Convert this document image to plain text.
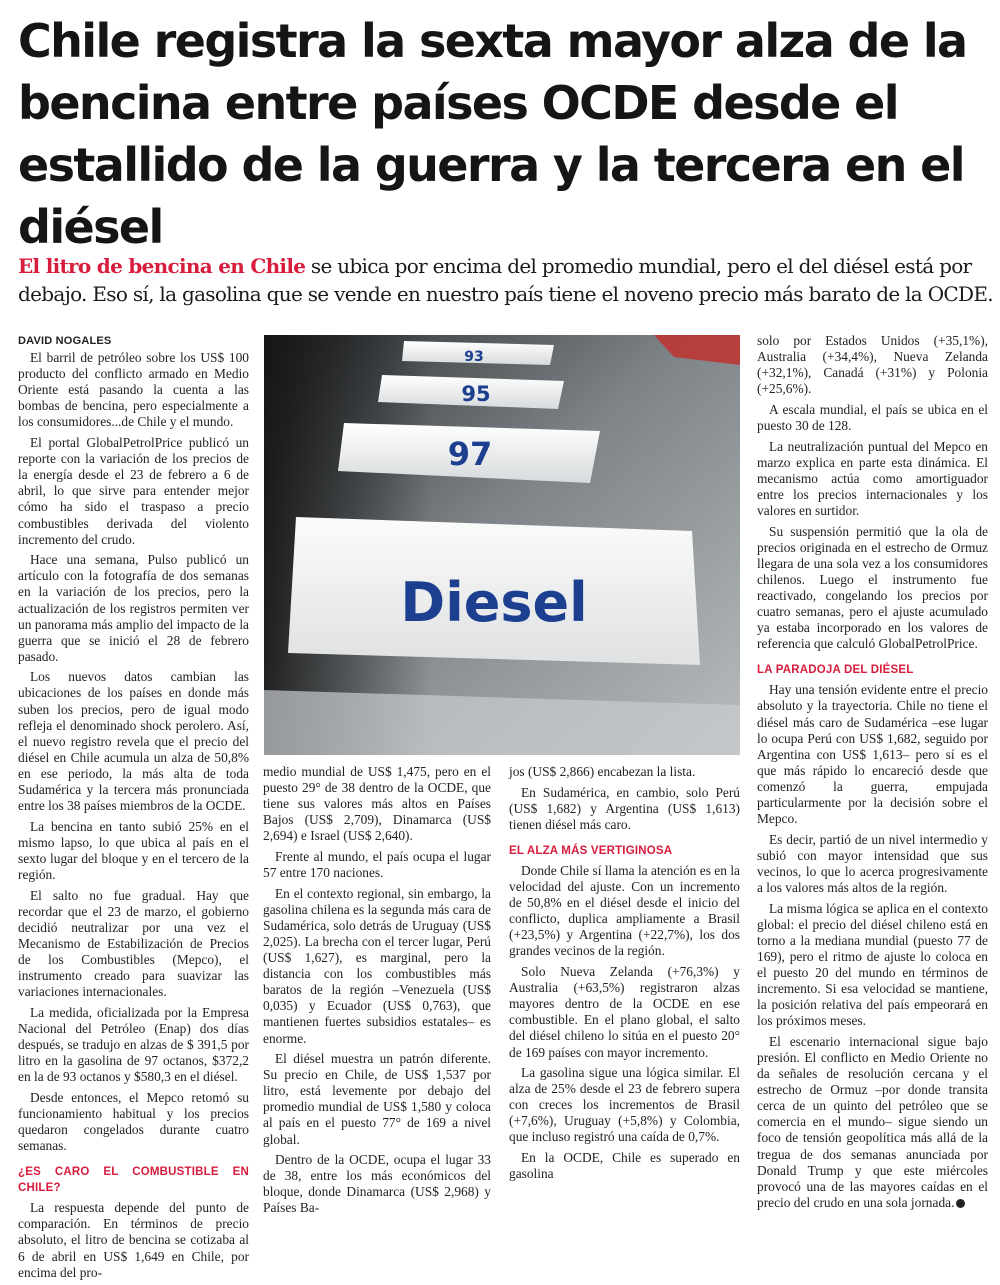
Chile registra la sexta mayor alza de la bencina entre países OCDE desde el estallido de la guerra y la tercera en el diésel

El litro de bencina en Chile se ubica por encima del promedio mundial, pero el del diésel está por debajo. Eso sí, la gasolina que se vende en nuestro país tiene el noveno precio más barato de la OCDE.

DAVID NOGALES

El barril de petróleo sobre los US$ 100 producto del conflicto armado en Medio Oriente está pasando la cuenta a las bombas de bencina, pero especialmente a los consumidores...de Chile y el mundo.

El portal GlobalPetrolPrice publicó un reporte con la variación de los precios de la energía desde el 23 de febrero a 6 de abril, lo que sirve para entender mejor cómo ha sido el traspaso a precio combustibles derivada del violento incremento del crudo.

Hace una semana, Pulso publicó un artículo con la fotografía de dos semanas en la variación de los precios, pero la actualización de los registros permiten ver un panorama más amplio del impacto de la guerra que se inició el 28 de febrero pasado.

Los nuevos datos cambian las ubicaciones de los países en donde más suben los precios, pero de igual modo refleja el denominado shock perolero. Así, el nuevo registro revela que el precio del diésel en Chile acumula un alza de 50,8% en ese periodo, la más alta de toda Sudamérica y la tercera más pronunciada entre los 38 países miembros de la OCDE.

La bencina en tanto subió 25% en el mismo lapso, lo que ubica al país en el sexto lugar del bloque y en el tercero de la región.

El salto no fue gradual. Hay que recordar que el 23 de marzo, el gobierno decidió neutralizar por una vez el Mecanismo de Estabilización de Precios de los Combustibles (Mepco), el instrumento creado para suavizar las variaciones internacionales.

La medida, oficializada por la Empresa Nacional del Petróleo (Enap) dos días después, se tradujo en alzas de $ 391,5 por litro en la gasolina de 97 octanos, $372,2 en la de 93 octanos y $580,3 en el diésel.

Desde entonces, el Mepco retomó su funcionamiento habitual y los precios quedaron congelados durante cuatro semanas.

¿ES CARO EL COMBUSTIBLE EN CHILE?

La respuesta depende del punto de comparación. En términos de precio absoluto, el litro de bencina se cotizaba al 6 de abril en US$ 1,649 en Chile, por encima del pro-

93
95
97
Diesel

medio mundial de US$ 1,475, pero en el puesto 29° de 38 dentro de la OCDE, que tiene sus valores más altos en Países Bajos (US$ 2,709), Dinamarca (US$ 2,694) e Israel (US$ 2,640).

Frente al mundo, el país ocupa el lugar 57 entre 170 naciones.

En el contexto regional, sin embargo, la gasolina chilena es la segunda más cara de Sudamérica, solo detrás de Uruguay (US$ 2,025). La brecha con el tercer lugar, Perú (US$ 1,627), es marginal, pero la distancia con los combustibles más baratos de la región –Venezuela (US$ 0,035) y Ecuador (US$ 0,763), que mantienen fuertes subsidios estatales– es enorme.

El diésel muestra un patrón diferente. Su precio en Chile, de US$ 1,537 por litro, está levemente por debajo del promedio mundial de US$ 1,580 y coloca al país en el puesto 77° de 169 a nivel global.

Dentro de la OCDE, ocupa el lugar 33 de 38, entre los más económicos del bloque, donde Dinamarca (US$ 2,968) y Países Ba-

jos (US$ 2,866) encabezan la lista.

En Sudamérica, en cambio, solo Perú (US$ 1,682) y Argentina (US$ 1,613) tienen diésel más caro.

EL ALZA MÁS VERTIGINOSA

Donde Chile sí llama la atención es en la velocidad del ajuste. Con un incremento de 50,8% en el diésel desde el inicio del conflicto, duplica ampliamente a Brasil (+23,5%) y Argentina (+22,7%), los dos grandes vecinos de la región.

Solo Nueva Zelanda (+76,3%) y Australia (+63,5%) registraron alzas mayores dentro de la OCDE en ese combustible. En el plano global, el salto del diésel chileno lo sitúa en el puesto 20° de 169 países con mayor incremento.

La gasolina sigue una lógica similar. El alza de 25% desde el 23 de febrero supera con creces los incrementos de Brasil (+7,6%), Uruguay (+5,8%) y Colombia, que incluso registró una caída de 0,7%.

En la OCDE, Chile es superado en gasolina

solo por Estados Unidos (+35,1%), Australia (+34,4%), Nueva Zelanda (+32,1%), Canadá (+31%) y Polonia (+25,6%).

A escala mundial, el país se ubica en el puesto 30 de 128.

La neutralización puntual del Mepco en marzo explica en parte esta dinámica. El mecanismo actúa como amortiguador entre los precios internacionales y los valores en surtidor.

Su suspensión permitió que la ola de precios originada en el estrecho de Ormuz llegara de una sola vez a los consumidores chilenos. Luego el instrumento fue reactivado, congelando los precios por cuatro semanas, pero el ajuste acumulado ya estaba incorporado en los valores de referencia que calculó GlobalPetrolPrice.

LA PARADOJA DEL DIÉSEL

Hay una tensión evidente entre el precio absoluto y la trayectoria. Chile no tiene el diésel más caro de Sudamérica –ese lugar lo ocupa Perú con US$ 1,682, seguido por Argentina con US$ 1,613– pero sí es el que más rápido lo encareció desde que comenzó la guerra, empujada particularmente por la decisión sobre el Mepco.

Es decir, partió de un nivel intermedio y subió con mayor intensidad que sus vecinos, lo que lo acerca progresivamente a los valores más altos de la región.

La misma lógica se aplica en el contexto global: el precio del diésel chileno está en torno a la mediana mundial (puesto 77 de 169), pero el ritmo de ajuste lo coloca en el puesto 20 del mundo en términos de incremento. Si esa velocidad se mantiene, la posición relativa del país empeorará en los próximos meses.

El escenario internacional sigue bajo presión. El conflicto en Medio Oriente no da señales de resolución cercana y el estrecho de Ormuz –por donde transita cerca de un quinto del petróleo que se comercia en el mundo– sigue siendo un foco de tensión geopolítica más allá de la tregua de dos semanas anunciada por Donald Trump y que este miércoles provocó una de las mayores caídas en el precio del crudo en una sola jornada. P
